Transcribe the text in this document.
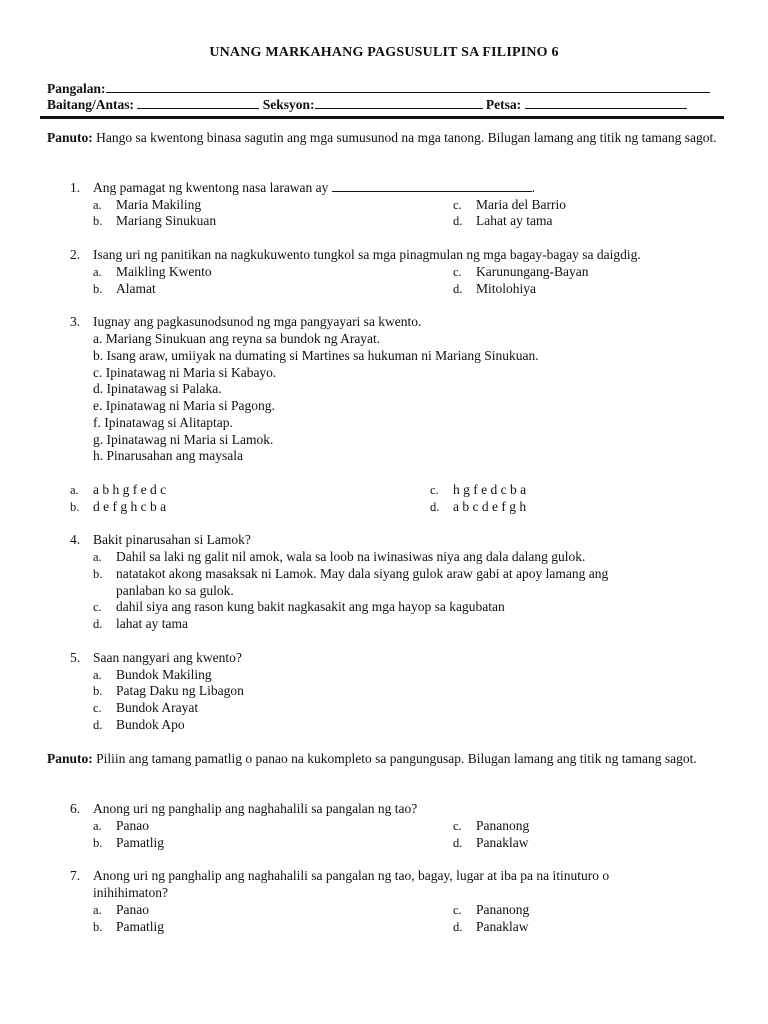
UNANG MARKAHANG PAGSUSULIT SA FILIPINO 6
Pangalan:
Baitang/Antas:	Seksyon:	Petsa:
Panuto: Hango sa kwentong binasa sagutin ang mga sumusunod na mga tanong. Bilugan lamang ang titik ng tamang sagot.
1. Ang pamagat ng kwentong nasa larawan ay	.
a. Maria Makiling
b. Mariang Sinukuan
c. Maria del Barrio
d. Lahat ay tama
2. Isang uri ng panitikan na nagkukuwento tungkol sa mga pinagmulan ng mga bagay-bagay sa daigdig.
a. Maikling Kwento
b. Alamat
c. Karunungang-Bayan
d. Mitolohiya
3. Iugnay ang pagkasunodsunod ng mga pangyayari sa kwento.
a. Mariang Sinukuan ang reyna sa bundok ng Arayat.
b. Isang araw, umiiyak na dumating si Martines sa hukuman ni Mariang Sinukuan.
c. Ipinatawag ni Maria si Kabayo.
d. Ipinatawag si Palaka.
e. Ipinatawag ni Maria si Pagong.
f. Ipinatawag si Alitaptap.
g. Ipinatawag ni Maria si Lamok.
h. Pinarusahan ang maysala
a. a b h g f e d c
b. d e f g h c b a
c. h g f e d c b a
d. a b c d e f g h
4. Bakit pinarusahan si Lamok?
a. Dahil sa laki ng galit nil amok, wala sa loob na iwinasiwas niya ang dala dalang gulok.
b. natatakot akong masaksak ni Lamok. May dala siyang gulok araw gabi at apoy lamang ang
panlaban ko sa gulok.
c. dahil siya ang rason kung bakit nagkasakit ang mga hayop sa kagubatan
d. lahat ay tama
5. Saan nangyari ang kwento?
a. Bundok Makiling
b. Patag Daku ng Libagon
c. Bundok Arayat
d. Bundok Apo
Panuto: Piliin ang tamang pamatlig o panao na kukompleto sa pangungusap. Bilugan lamang ang titik ng tamang sagot.
6. Anong uri ng panghalip ang naghahalili sa pangalan ng tao?
a. Panao
b. Pamatlig
c. Pananong
d. Panaklaw
7. Anong uri ng panghalip ang naghahalili sa pangalan ng tao, bagay, lugar at iba pa na itinuturo o
inihihimaton?
a. Panao
b. Pamatlig
c. Pananong
d. Panaklaw
